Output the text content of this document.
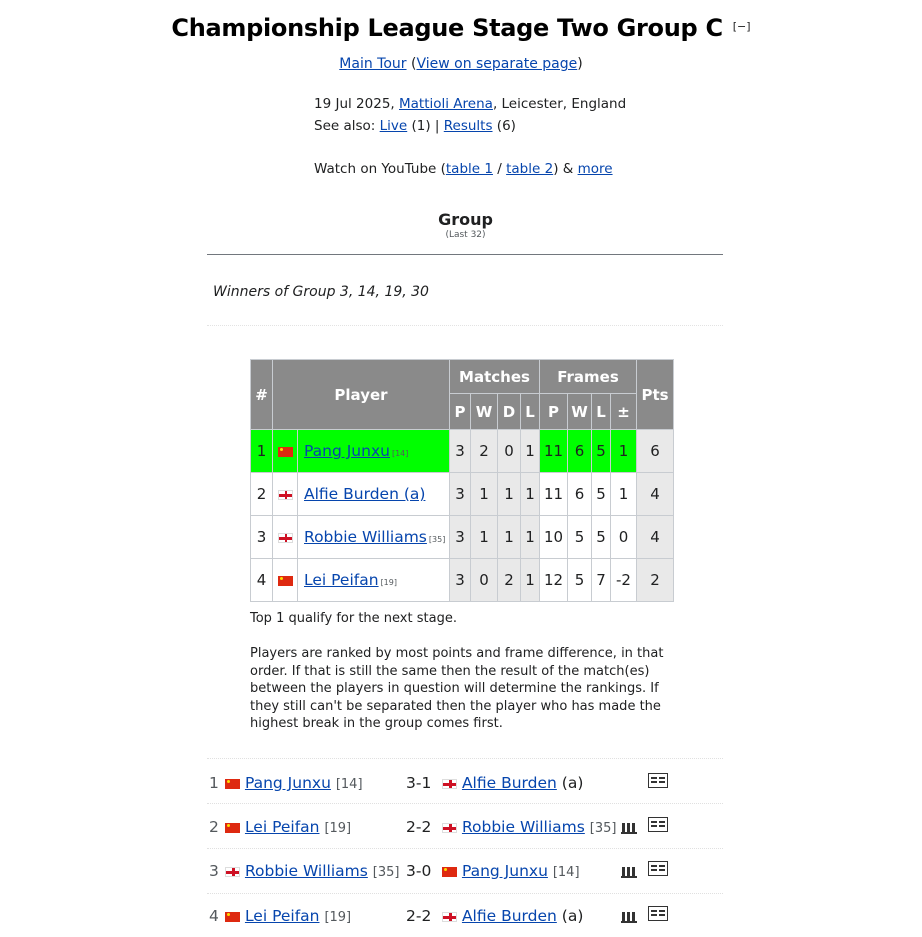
Championship League Stage Two Group C [−]
Main Tour (View on separate page)
19 Jul 2025, Mattioli Arena, Leicester, England
See also: Live (1) | Results (6)
Watch on YouTube (table 1 / table 2) & more
Group
(Last 32)
Winners of Group 3, 14, 19, 30
#	Player		Matches				Frames				Pts
			P	W	D	L	P	W	L	±	
1		Pang Junxu [14]	3	2	0	1	11	6	5	1	6
2		Alfie Burden (a)	3	1	1	1	11	6	5	1	4
3		Robbie Williams [35]	3	1	1	1	10	5	5	0	4
4		Lei Peifan [19]	3	0	2	1	12	5	7	-2	2

Top 1 qualify for the next stage.

Players are ranked by most points and frame difference, in that order. If that is still the same then the result of the match(es) between the players in question will determine the rankings. If they still can't be separated then the player who has made the highest break in the group comes first.

1	Pang Junxu [14]	3-1	Alfie Burden (a)
2	Lei Peifan [19]	2-2	Robbie Williams [35]
3	Robbie Williams [35] 3-0	Pang Junxu [14]
4	Lei Peifan [19]	2-2	Alfie Burden (a)
